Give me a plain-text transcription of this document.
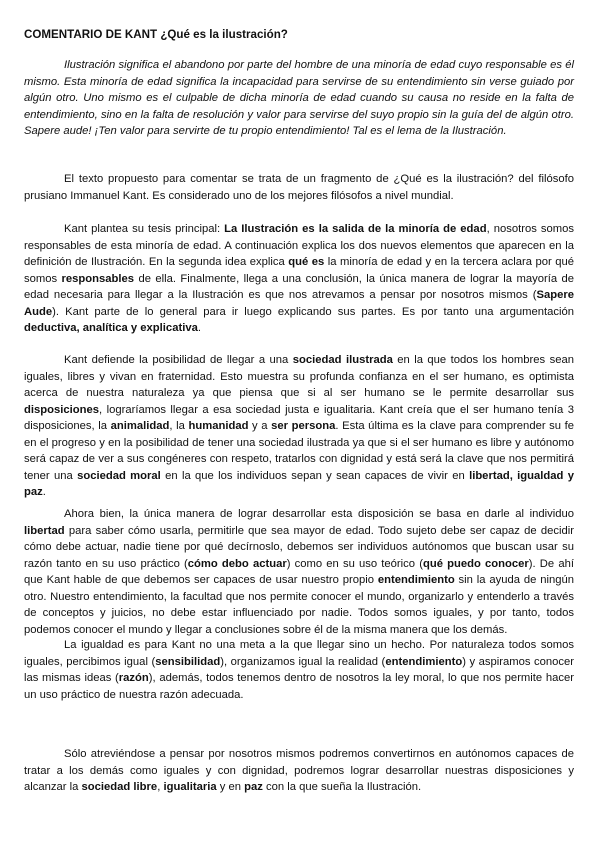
COMENTARIO DE KANT ¿Qué es la ilustración?

Ilustración significa el abandono por parte del hombre de una minoría de edad cuyo responsable es él mismo. Esta minoría de edad significa la incapacidad para servirse de su entendimiento sin verse guiado por algún otro. Uno mismo es el culpable de dicha minoría de edad cuando su causa no reside en la falta de entendimiento, sino en la falta de resolución y valor para servirse del suyo propio sin la guía del de algún otro. Sapere aude! ¡Ten valor para servirte de tu propio entendimiento! Tal es el lema de la Ilustración.

El texto propuesto para comentar se trata de un fragmento de ¿Qué es la ilustración? del filósofo prusiano Immanuel Kant. Es considerado uno de los mejores filósofos a nivel mundial.

Kant plantea su tesis principal: La Ilustración es la salida de la minoría de edad, nosotros somos responsables de esta minoría de edad. A continuación explica los dos nuevos elementos que aparecen en la definición de Ilustración. En la segunda idea explica qué es la minoría de edad y en la tercera aclara por qué somos responsables de ella. Finalmente, llega a una conclusión, la única manera de lograr la mayoría de edad necesaria para llegar a la Ilustración es que nos atrevamos a pensar por nosotros mismos (Sapere Aude). Kant parte de lo general para ir luego explicando sus partes. Es por tanto una argumentación deductiva, analítica y explicativa.

Kant defiende la posibilidad de llegar a una sociedad ilustrada en la que todos los hombres sean iguales, libres y vivan en fraternidad. Esto muestra su profunda confianza en el ser humano, es optimista acerca de nuestra naturaleza ya que piensa que si al ser humano se le permite desarrollar sus disposiciones, lograríamos llegar a esa sociedad justa e igualitaria. Kant creía que el ser humano tenía 3 disposiciones, la animalidad, la humanidad y a ser persona. Esta última es la clave para comprender su fe en el progreso y en la posibilidad de tener una sociedad ilustrada ya que si el ser humano es libre y autónomo será capaz de ver a sus congéneres con respeto, tratarlos con dignidad y está será la clave que nos permitirá tener una sociedad moral en la que los individuos sepan y sean capaces de vivir en libertad, igualdad y paz.

Ahora bien, la única manera de lograr desarrollar esta disposición se basa en darle al individuo libertad para saber cómo usarla, permitirle que sea mayor de edad. Todo sujeto debe ser capaz de decidir cómo debe actuar, nadie tiene por qué decírnoslo, debemos ser individuos autónomos que buscan usar su razón tanto en su uso práctico (cómo debo actuar) como en su uso teórico (qué puedo conocer). De ahí que Kant hable de que debemos ser capaces de usar nuestro propio entendimiento sin la ayuda de ningún otro. Nuestro entendimiento, la facultad que nos permite conocer el mundo, organizarlo y entenderlo a través de conceptos y juicios, no debe estar influenciado por nadie. Todos somos iguales, y por tanto, todos podemos conocer el mundo y llegar a conclusiones sobre él de la misma manera que los demás.

La igualdad es para Kant no una meta a la que llegar sino un hecho. Por naturaleza todos somos iguales, percibimos igual (sensibilidad), organizamos igual la realidad (entendimiento) y aspiramos conocer las mismas ideas (razón), además, todos tenemos dentro de nosotros la ley moral, lo que nos permite hacer un uso práctico de nuestra razón adecuada.

Sólo atreviéndose a pensar por nosotros mismos podremos convertirnos en autónomos capaces de tratar a los demás como iguales y con dignidad, podremos lograr desarrollar nuestras disposiciones y alcanzar la sociedad libre, igualitaria y en paz con la que sueña la Ilustración.
